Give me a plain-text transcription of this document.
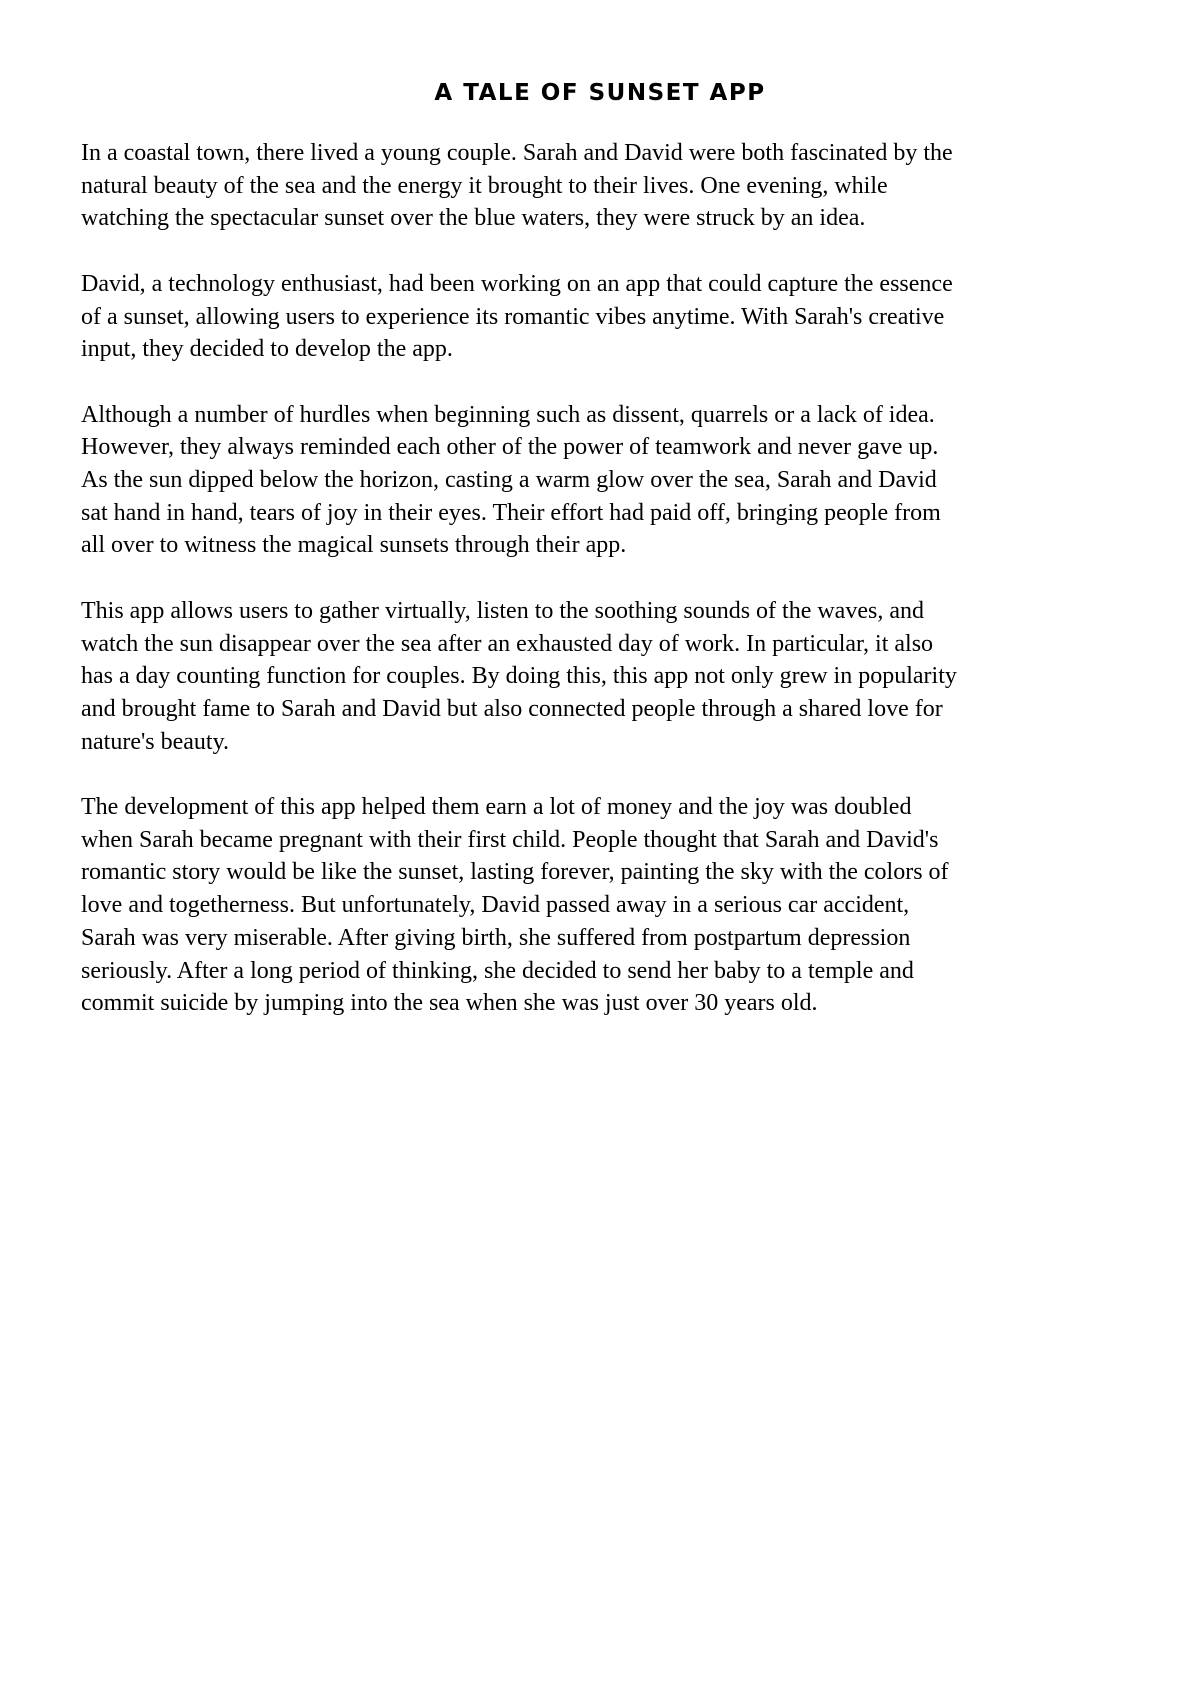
A TALE OF SUNSET APP

In a coastal town, there lived a young couple. Sarah and David were both fascinated by the
natural beauty of the sea and the energy it brought to their lives. One evening, while
watching the spectacular sunset over the blue waters, they were struck by an idea.

David, a technology enthusiast, had been working on an app that could capture the essence
of a sunset, allowing users to experience its romantic vibes anytime. With Sarah's creative
input, they decided to develop the app.

Although a number of hurdles when beginning such as dissent, quarrels or a lack of idea.
However, they always reminded each other of the power of teamwork and never gave up.
As the sun dipped below the horizon, casting a warm glow over the sea, Sarah and David
sat hand in hand, tears of joy in their eyes. Their effort had paid off, bringing people from
all over to witness the magical sunsets through their app.

This app allows users to gather virtually, listen to the soothing sounds of the waves, and
watch the sun disappear over the sea after an exhausted day of work. In particular, it also
has a day counting function for couples. By doing this, this app not only grew in popularity
and brought fame to Sarah and David but also connected people through a shared love for
nature's beauty.

The development of this app helped them earn a lot of money and the joy was doubled
when Sarah became pregnant with their first child. People thought that Sarah and David's
romantic story would be like the sunset, lasting forever, painting the sky with the colors of
love and togetherness. But unfortunately, David passed away in a serious car accident,
Sarah was very miserable. After giving birth, she suffered from postpartum depression
seriously. After a long period of thinking, she decided to send her baby to a temple and
commit suicide by jumping into the sea when she was just over 30 years old.
